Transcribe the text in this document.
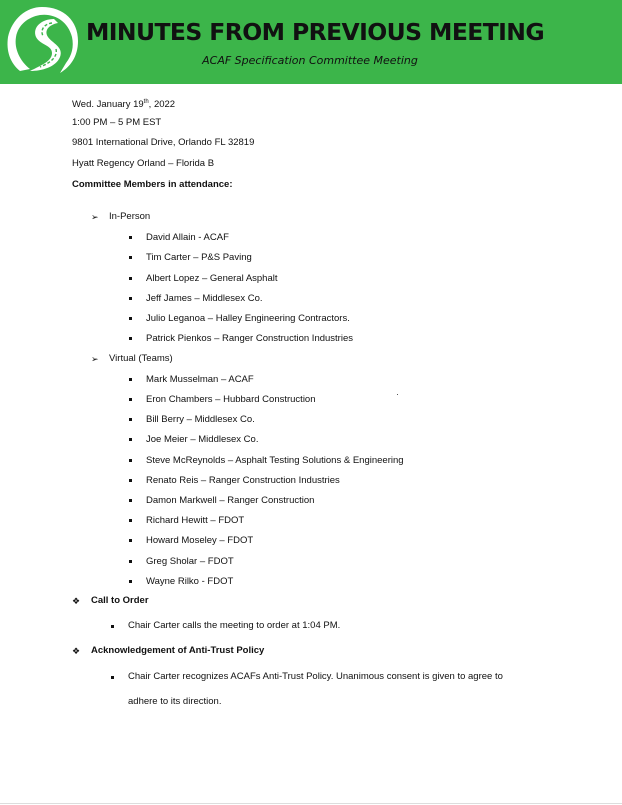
MINUTES FROM PREVIOUS MEETING
ACAF Specification Committee Meeting
Wed. January 19th, 2022
1:00 PM – 5 PM EST
9801 International Drive, Orlando FL 32819
Hyatt Regency Orland – Florida B
Committee Members in attendance:
➢ In-Person
David Allain - ACAF
Tim Carter – P&S Paving
Albert Lopez – General Asphalt
Jeff James – Middlesex Co.
Julio Leganoa – Halley Engineering Contractors.
Patrick Pienkos – Ranger Construction Industries
➢ Virtual (Teams)
Mark Musselman – ACAF
Eron Chambers – Hubbard Construction
Bill Berry – Middlesex Co.
Joe Meier – Middlesex Co.
Steve McReynolds – Asphalt Testing Solutions & Engineering
Renato Reis – Ranger Construction Industries
Damon Markwell – Ranger Construction
Richard Hewitt – FDOT
Howard Moseley – FDOT
Greg Sholar – FDOT
Wayne Rilko - FDOT
❖ Call to Order
Chair Carter calls the meeting to order at 1:04 PM.
❖ Acknowledgement of Anti-Trust Policy
Chair Carter recognizes ACAFs Anti-Trust Policy. Unanimous consent is given to agree to
adhere to its direction.
